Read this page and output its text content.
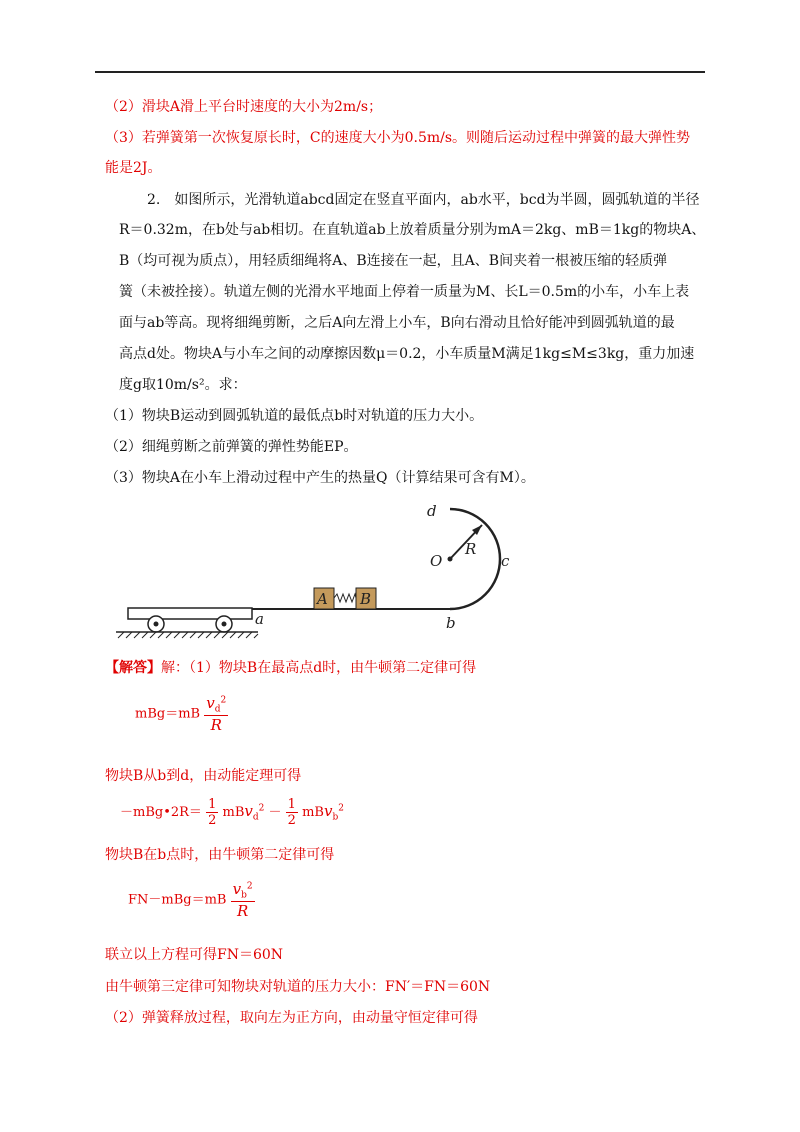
（2）滑块A滑上平台时速度的大小为2m/s；
（3）若弹簧第一次恢复原长时，C的速度大小为0.5m/s。则随后运动过程中弹簧的最大弹性势
能是2J。
2.　如图所示，光滑轨道abcd固定在竖直平面内，ab水平，bcd为半圆，圆弧轨道的半径
R＝0.32m，在b处与ab相切。在直轨道ab上放着质量分别为mA＝2kg、mB＝1kg的物块A、
B（均可视为质点），用轻质细绳将A、B连接在一起，且A、B间夹着一根被压缩的轻质弹
簧（未被拴接）。轨道左侧的光滑水平地面上停着一质量为M、长L＝0.5m的小车，小车上表
面与ab等高。现将细绳剪断，之后A向左滑上小车，B向右滑动且恰好能冲到圆弧轨道的最
高点d处。物块A与小车之间的动摩擦因数μ＝0.2，小车质量M满足1kg≤M≤3kg，重力加速
度g取10m/s²。求：
（1）物块B运动到圆弧轨道的最低点b时对轨道的压力大小。
（2）细绳剪断之前弹簧的弹性势能EP。
（3）物块A在小车上滑动过程中产生的热量Q（计算结果可含有M）。
d
O
R
c
b
a
A B
【解答】解：（1）物块B在最高点d时，由牛顿第二定律可得
$mBg=mB \frac{v_d^2}{R}$
物块B从b到d，由动能定理可得
－mBg•2R＝ $\frac{1}{2} mBv_d^2 - \frac{1}{2} mBv_b^2$
物块B在b点时，由牛顿第二定律可得
$FN-mBg=mB \frac{v_b^2}{R}$
联立以上方程可得FN＝60N
由牛顿第三定律可知物块对轨道的压力大小：FN′＝FN＝60N
（2）弹簧释放过程，取向左为正方向，由动量守恒定律可得
